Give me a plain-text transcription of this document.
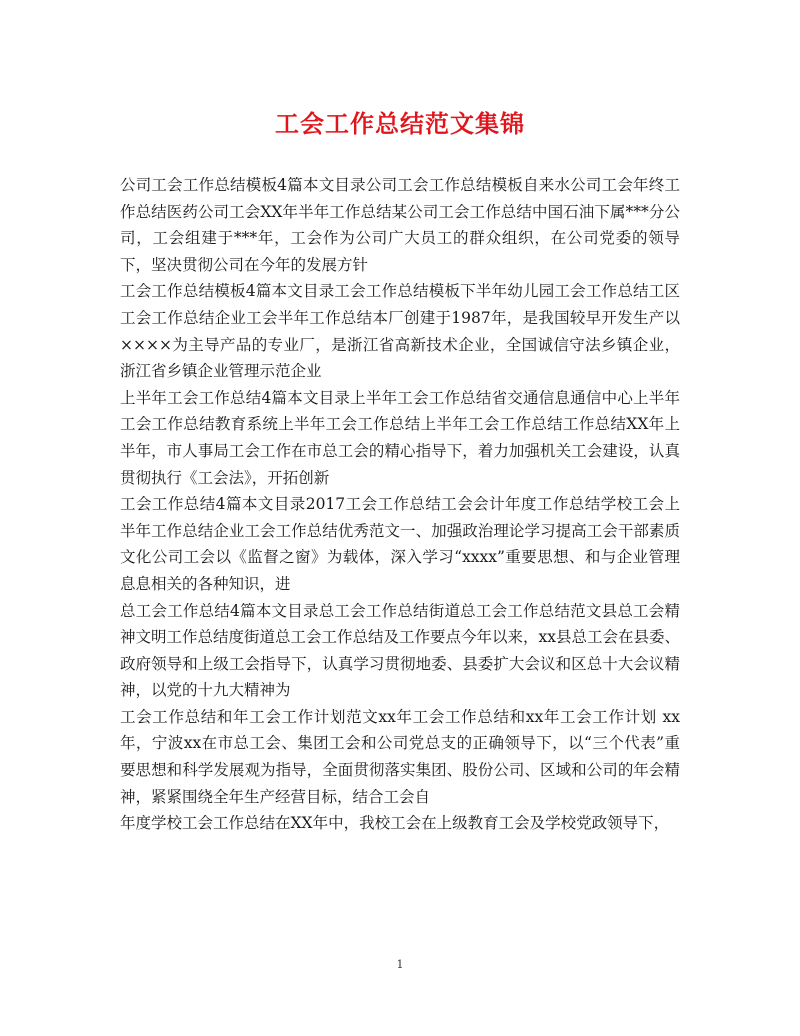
工会工作总结范文集锦

公司工会工作总结模板4篇本文目录公司工会工作总结模板自来水公司工会年终工作总结医药公司工会XX年半年工作总结某公司工会工作总结中国石油下属***分公司，工会组建于***年，工会作为公司广大员工的群众组织，在公司党委的领导下，坚决贯彻公司在今年的发展方针

工会工作总结模板4篇本文目录工会工作总结模板下半年幼儿园工会工作总结工区工会工作总结企业工会半年工作总结本厂创建于1987年，是我国较早开发生产以××××为主导产品的专业厂，是浙江省高新技术企业，全国诚信守法乡镇企业，浙江省乡镇企业管理示范企业

上半年工会工作总结4篇本文目录上半年工会工作总结省交通信息通信中心上半年工会工作总结教育系统上半年工会工作总结上半年工会工作总结工作总结XX年上半年，市人事局工会工作在市总工会的精心指导下，着力加强机关工会建设，认真贯彻执行《工会法》，开拓创新

工会工作总结4篇本文目录2017工会工作总结工会会计年度工作总结学校工会上半年工作总结企业工会工作总结优秀范文一、加强政治理论学习提高工会干部素质文化公司工会以《监督之窗》为载体，深入学习“xxxx”重要思想、和与企业管理息息相关的各种知识，进

总工会工作总结4篇本文目录总工会工作总结街道总工会工作总结范文县总工会精神文明工作总结度街道总工会工作总结及工作要点今年以来，xx县总工会在县委、政府领导和上级工会指导下，认真学习贯彻地委、县委扩大会议和区总十大会议精神，以党的十九大精神为

工会工作总结和年工会工作计划范文xx年工会工作总结和xx年工会工作计划 xx年，宁波xx在市总工会、集团工会和公司党总支的正确领导下，以“三个代表”重要思想和科学发展观为指导，全面贯彻落实集团、股份公司、区域和公司的年会精神，紧紧围绕全年生产经营目标，结合工会自

年度学校工会工作总结在XX年中，我校工会在上级教育工会及学校党政领导下，

1
